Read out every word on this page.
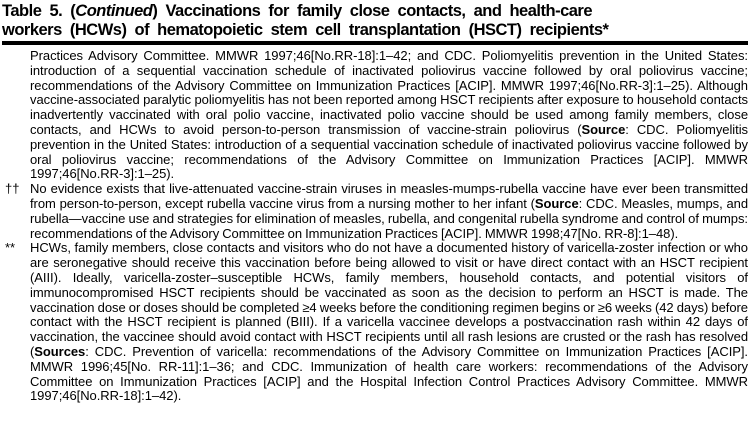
Table 5. (Continued) Vaccinations for family close contacts, and health-care
workers (HCWs) of hematopoietic stem cell transplantation (HSCT) recipients*
Practices Advisory Committee. MMWR 1997;46[No.RR-18]:1–42; and CDC. Poliomyelitis prevention in the United States: introduction of a sequential vaccination schedule of inactivated poliovirus vaccine followed by oral poliovirus vaccine; recommendations of the Advisory Committee on Immunization Practices [ACIP]. MMWR 1997;46[No.RR-3]:1–25). Although vaccine-associated paralytic poliomyelitis has not been reported among HSCT recipients after exposure to household contacts inadvertently vaccinated with oral polio vaccine, inactivated polio vaccine should be used among family members, close contacts, and HCWs to avoid person-to-person transmission of vaccine-strain poliovirus (Source: CDC. Poliomyelitis prevention in the United States: introduction of a sequential vaccination schedule of inactivated poliovirus vaccine followed by oral poliovirus vaccine; recommendations of the Advisory Committee on Immunization Practices [ACIP]. MMWR 1997;46[No.RR-3]:1–25).
†† No evidence exists that live-attenuated vaccine-strain viruses in measles-mumps-rubella vaccine have ever been transmitted from person-to-person, except rubella vaccine virus from a nursing mother to her infant (Source: CDC. Measles, mumps, and rubella—vaccine use and strategies for elimination of measles, rubella, and congenital rubella syndrome and control of mumps: recommendations of the Advisory Committee on Immunization Practices [ACIP]. MMWR 1998;47[No. RR-8]:1–48).
**	HCWs, family members, close contacts and visitors who do not have a documented history of varicella-zoster infection or who are seronegative should receive this vaccination before being allowed to visit or have direct contact with an HSCT recipient (AIII). Ideally, varicella-zoster–susceptible HCWs, family members, household contacts, and potential visitors of immunocompromised HSCT recipients should be vaccinated as soon as the decision to perform an HSCT is made. The vaccination dose or doses should be completed ≥4 weeks before the conditioning regimen begins or ≥6 weeks (42 days) before contact with the HSCT recipient is planned (BIII). If a varicella vaccinee develops a postvaccination rash within 42 days of vaccination, the vaccinee should avoid contact with HSCT recipients until all rash lesions are crusted or the rash has resolved (Sources: CDC. Prevention of varicella: recommendations of the Advisory Committee on Immunization Practices [ACIP]. MMWR 1996;45[No. RR-11]:1–36; and CDC. Immunization of health care workers: recommendations of the Advisory Committee on Immunization Practices [ACIP] and the Hospital Infection Control Practices Advisory Committee. MMWR 1997;46[No.RR-18]:1–42).
